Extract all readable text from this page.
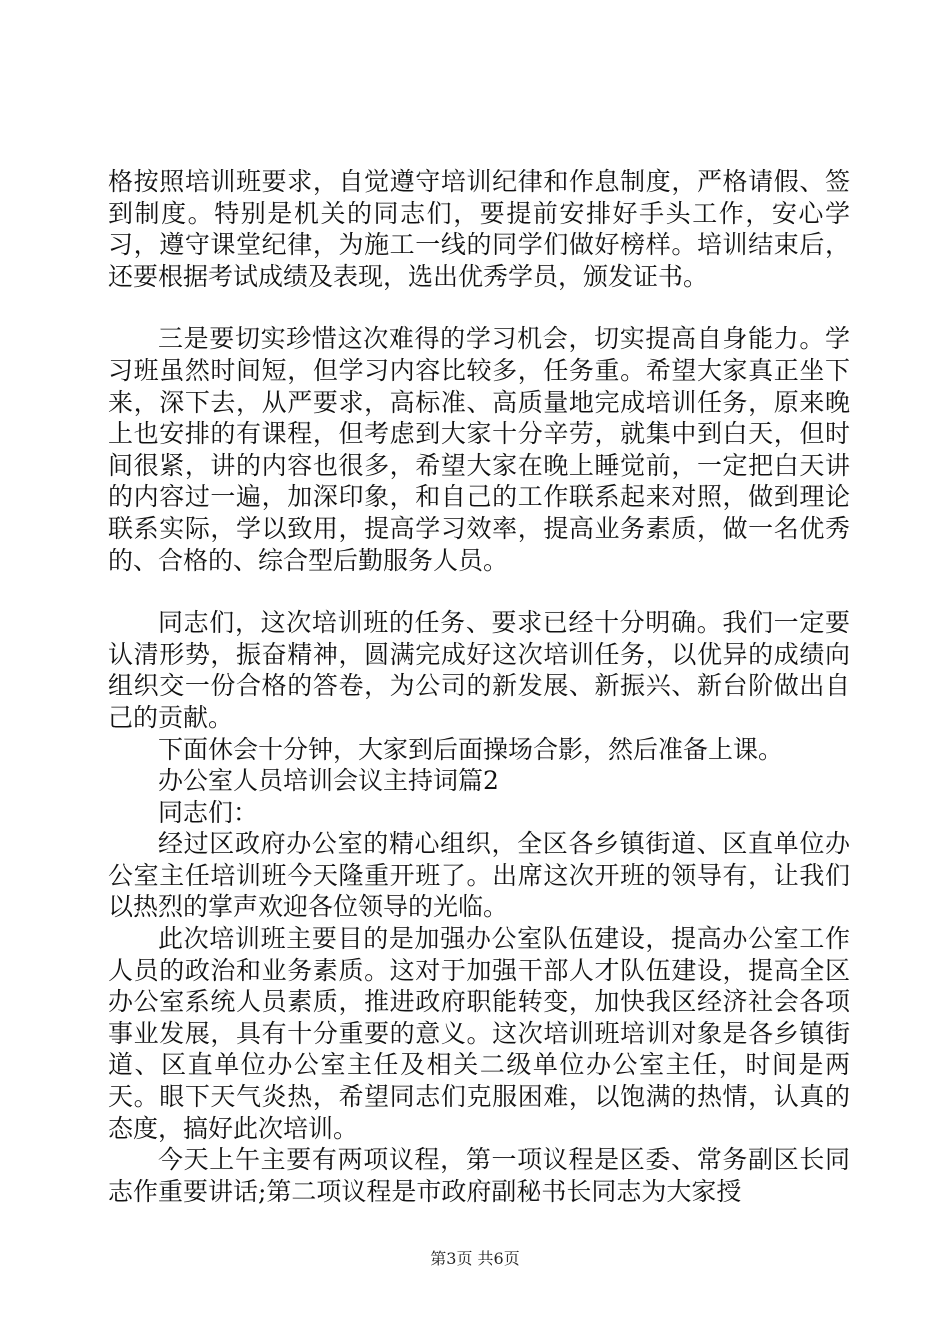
格按照培训班要求，自觉遵守培训纪律和作息制度，严格请假、签到制度。特别是机关的同志们，要提前安排好手头工作，安心学习，遵守课堂纪律，为施工一线的同学们做好榜样。培训结束后，还要根据考试成绩及表现，选出优秀学员，颁发证书。

三是要切实珍惜这次难得的学习机会，切实提高自身能力。学习班虽然时间短，但学习内容比较多，任务重。希望大家真正坐下来，深下去，从严要求，高标准、高质量地完成培训任务，原来晚上也安排的有课程，但考虑到大家十分辛劳，就集中到白天，但时间很紧，讲的内容也很多，希望大家在晚上睡觉前，一定把白天讲的内容过一遍，加深印象，和自己的工作联系起来对照，做到理论联系实际，学以致用，提高学习效率，提高业务素质，做一名优秀的、合格的、综合型后勤服务人员。

同志们，这次培训班的任务、要求已经十分明确。我们一定要认清形势，振奋精神，圆满完成好这次培训任务，以优异的成绩向组织交一份合格的答卷，为公司的新发展、新振兴、新台阶做出自己的贡献。

下面休会十分钟，大家到后面操场合影，然后准备上课。

办公室人员培训会议主持词篇2

同志们：

经过区政府办公室的精心组织，全区各乡镇街道、区直单位办公室主任培训班今天隆重开班了。出席这次开班的领导有，让我们以热烈的掌声欢迎各位领导的光临。

此次培训班主要目的是加强办公室队伍建设，提高办公室工作人员的政治和业务素质。这对于加强干部人才队伍建设，提高全区办公室系统人员素质，推进政府职能转变，加快我区经济社会各项事业发展，具有十分重要的意义。这次培训班培训对象是各乡镇街道、区直单位办公室主任及相关二级单位办公室主任，时间是两天。眼下天气炎热，希望同志们克服困难，以饱满的热情，认真的态度，搞好此次培训。

今天上午主要有两项议程，第一项议程是区委、常务副区长同志作重要讲话;第二项议程是市政府副秘书长同志为大家授

第3页 共6页
